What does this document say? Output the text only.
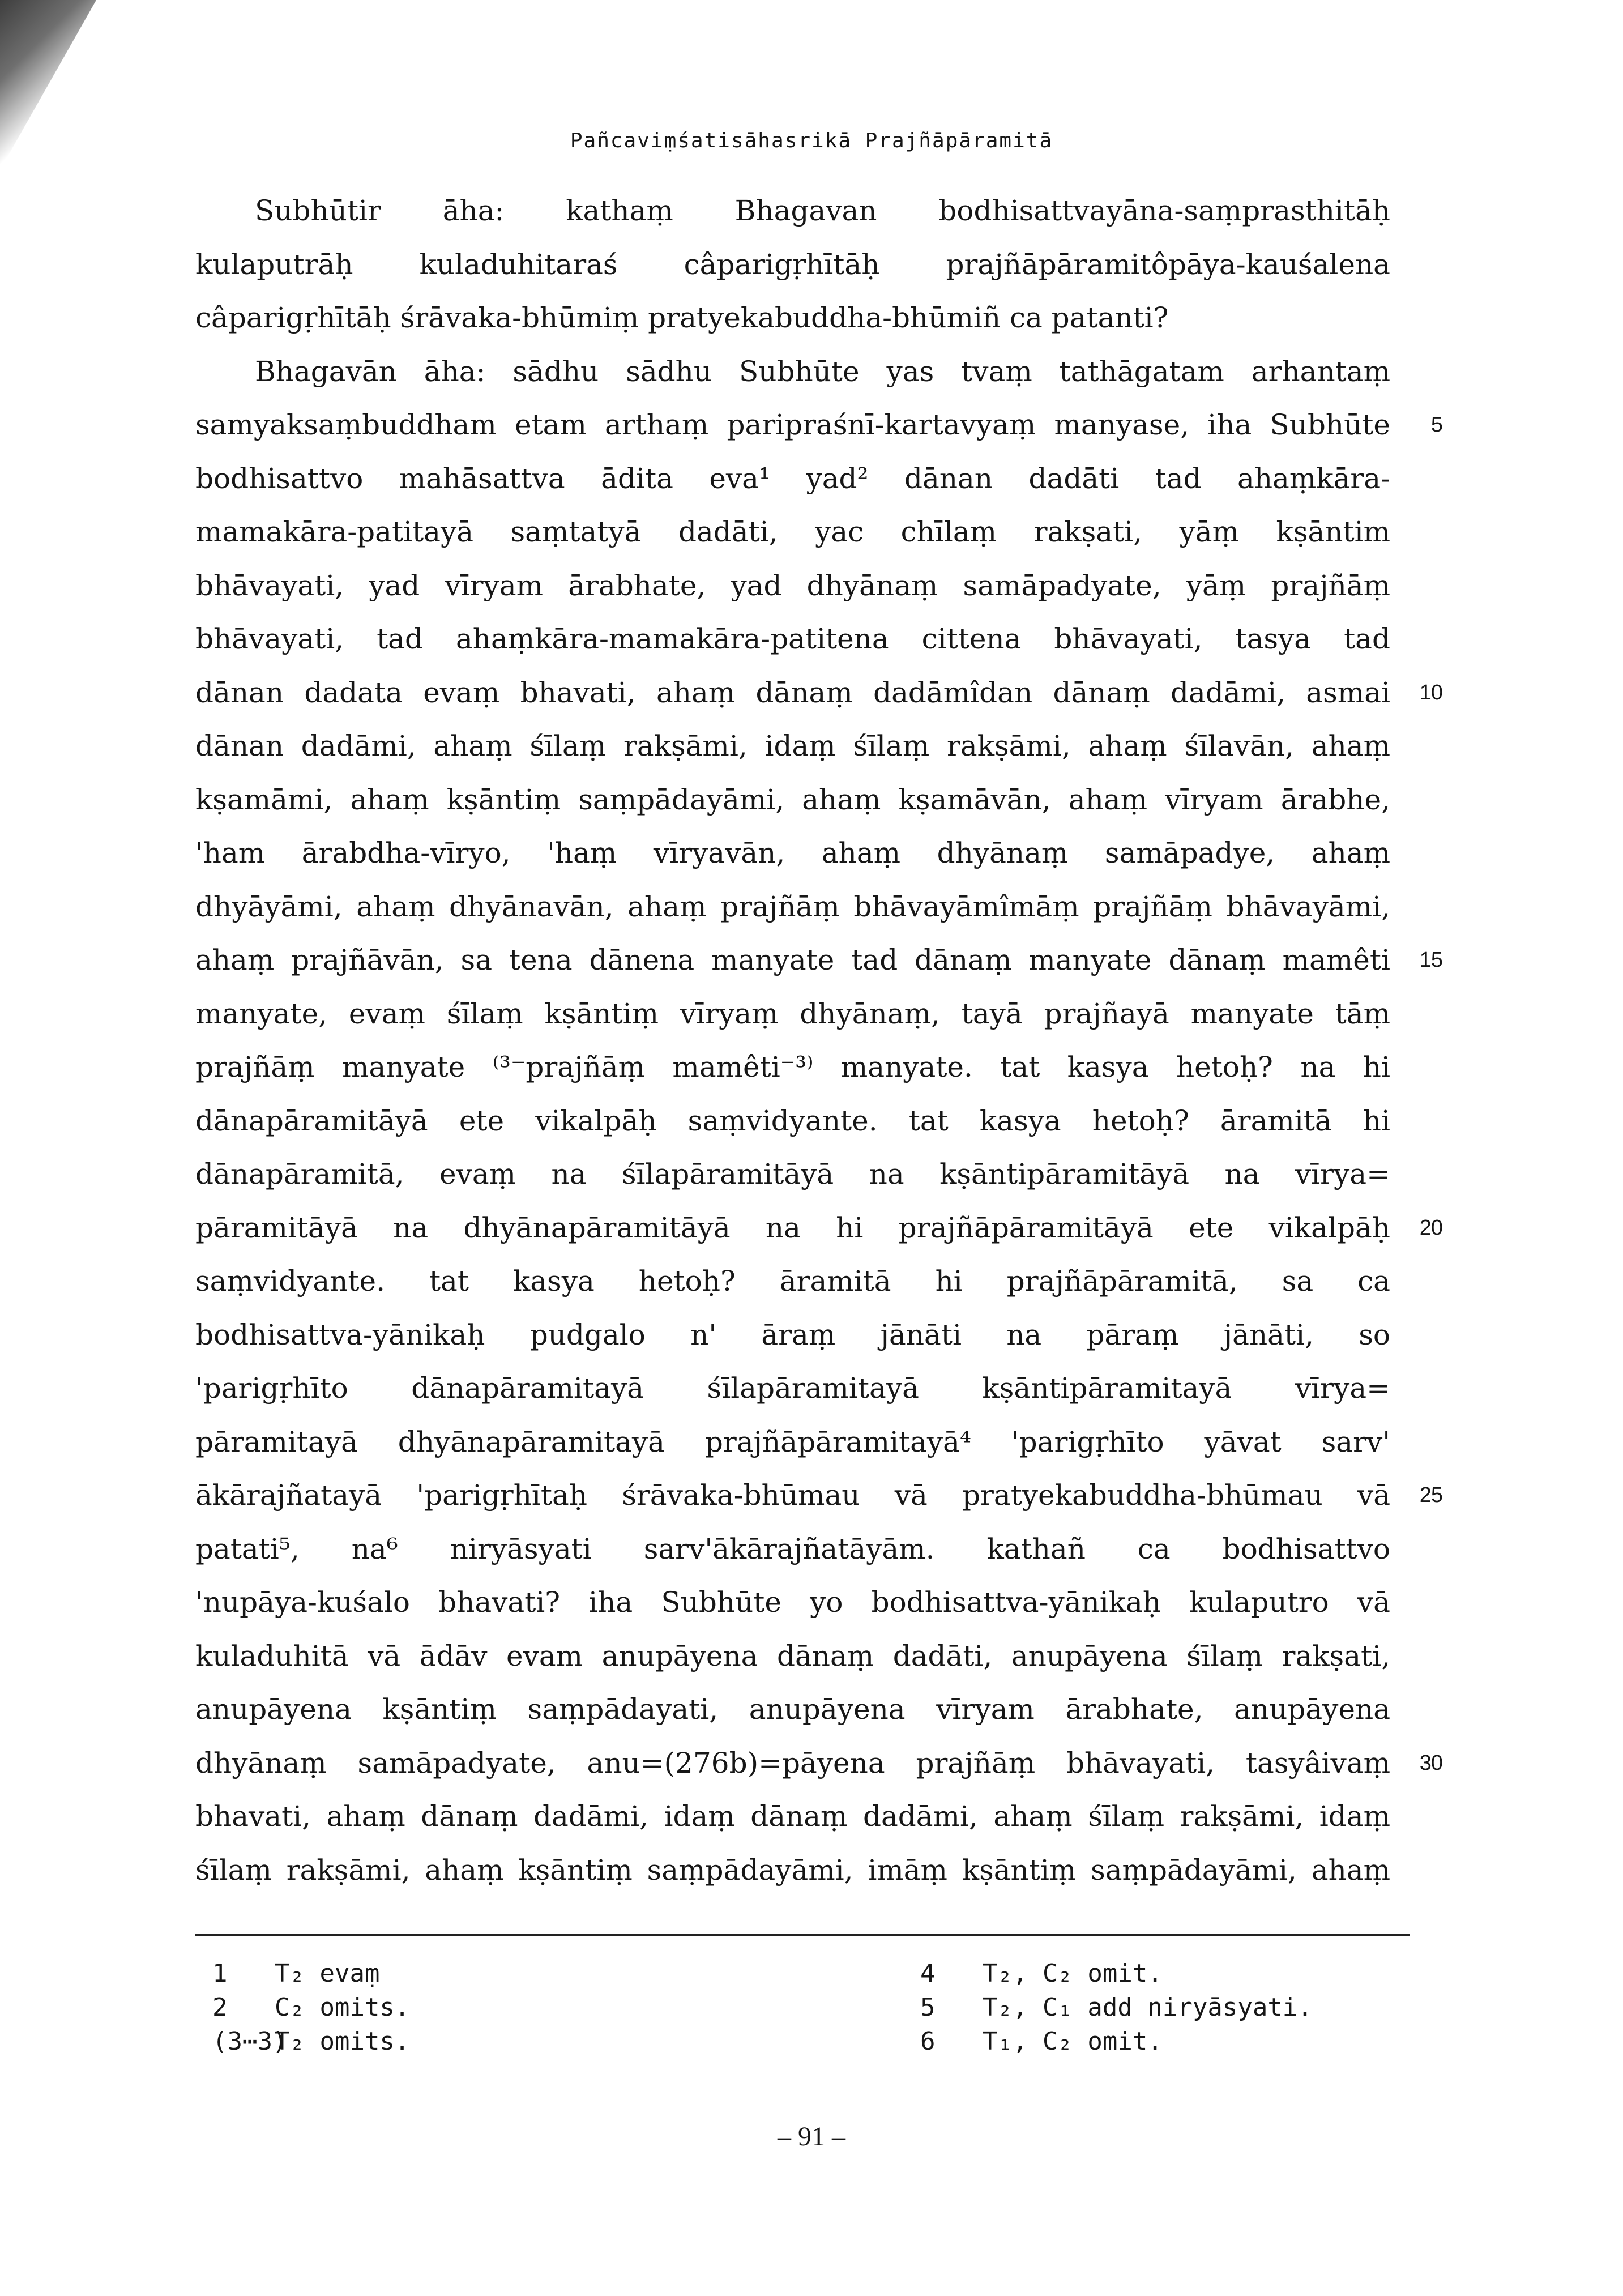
Pañcaviṃśatisāhasrikā Prajñāpāramitā
Subhūtir āha: kathaṃ Bhagavan bodhisattvayāna-saṃprasthitāḥ
kulaputrāḥ kuladuhitaraś câparigṛhītāḥ prajñāpāramitôpāya-kauśalena
câparigṛhītāḥ śrāvaka-bhūmiṃ pratyekabuddha-bhūmiñ ca patanti?
Bhagavān āha: sādhu sādhu Subhūte yas tvaṃ tathāgatam arhantaṃ
samyaksaṃbuddham etam arthaṃ paripraśnī-kartavyaṃ manyase, iha Subhūte 5
bodhisattvo mahāsattva ādita eva¹ yad² dānan dadāti tad ahaṃkāra-
mamakāra-patitayā saṃtatyā dadāti, yac chīlaṃ rakṣati, yāṃ kṣāntim
bhāvayati, yad vīryam ārabhate, yad dhyānaṃ samāpadyate, yāṃ prajñāṃ
bhāvayati, tad ahaṃkāra-mamakāra-patitena cittena bhāvayati, tasya tad
dānan dadata evaṃ bhavati, ahaṃ dānaṃ dadāmîdan dānaṃ dadāmi, asmai 10
dānan dadāmi, ahaṃ śīlaṃ rakṣāmi, idaṃ śīlaṃ rakṣāmi, ahaṃ śīlavān, ahaṃ
kṣamāmi, ahaṃ kṣāntiṃ saṃpādayāmi, ahaṃ kṣamāvān, ahaṃ vīryam ārabhe,
'ham ārabdha-vīryo, 'haṃ vīryavān, ahaṃ dhyānaṃ samāpadye, ahaṃ
dhyāyāmi, ahaṃ dhyānavān, ahaṃ prajñāṃ bhāvayāmîmāṃ prajñāṃ bhāvayāmi,
ahaṃ prajñāvān, sa tena dānena manyate tad dānaṃ manyate dānaṃ mamêti 15
manyate, evaṃ śīlaṃ kṣāntiṃ vīryaṃ dhyānaṃ, tayā prajñayā manyate tāṃ
prajñāṃ manyate ⁽³⁻prajñāṃ mamêti⁻³⁾ manyate. tat kasya hetoḥ? na hi
dānapāramitāyā ete vikalpāḥ saṃvidyante. tat kasya hetoḥ? āramitā hi
dānapāramitā, evaṃ na śīlapāramitāyā na kṣāntipāramitāyā na vīrya=
pāramitāyā na dhyānapāramitāyā na hi prajñāpāramitāyā ete vikalpāḥ 20
saṃvidyante. tat kasya hetoḥ? āramitā hi prajñāpāramitā, sa ca
bodhisattva-yānikaḥ pudgalo n' āraṃ jānāti na pāraṃ jānāti, so
'parigṛhīto dānapāramitayā śīlapāramitayā kṣāntipāramitayā vīrya=
pāramitayā dhyānapāramitayā prajñāpāramitayā⁴ 'parigṛhīto yāvat sarv'
ākārajñatayā 'parigṛhītaḥ śrāvaka-bhūmau vā pratyekabuddha-bhūmau vā 25
patati⁵, na⁶ niryāsyati sarv'ākārajñatāyām. kathañ ca bodhisattvo
'nupāya-kuśalo bhavati? iha Subhūte yo bodhisattva-yānikaḥ kulaputro vā
kuladuhitā vā ādāv evam anupāyena dānaṃ dadāti, anupāyena śīlaṃ rakṣati,
anupāyena kṣāntiṃ saṃpādayati, anupāyena vīryam ārabhate, anupāyena
dhyānaṃ samāpadyate, anu=(276b)=pāyena prajñāṃ bhāvayati, tasyâivaṃ 30
bhavati, ahaṃ dānaṃ dadāmi, idaṃ dānaṃ dadāmi, ahaṃ śīlaṃ rakṣāmi, idaṃ
śīlaṃ rakṣāmi, ahaṃ kṣāntiṃ saṃpādayāmi, imāṃ kṣāntiṃ saṃpādayāmi, ahaṃ
1	T₂ evaṃ
2	C₂ omits.
(3⋯3)
T₂ omits.
4	T₂, C₂ omit.
5	T₂, C₁ add niryāsyati.
6	T₁, C₂ omit.
– 91 –
